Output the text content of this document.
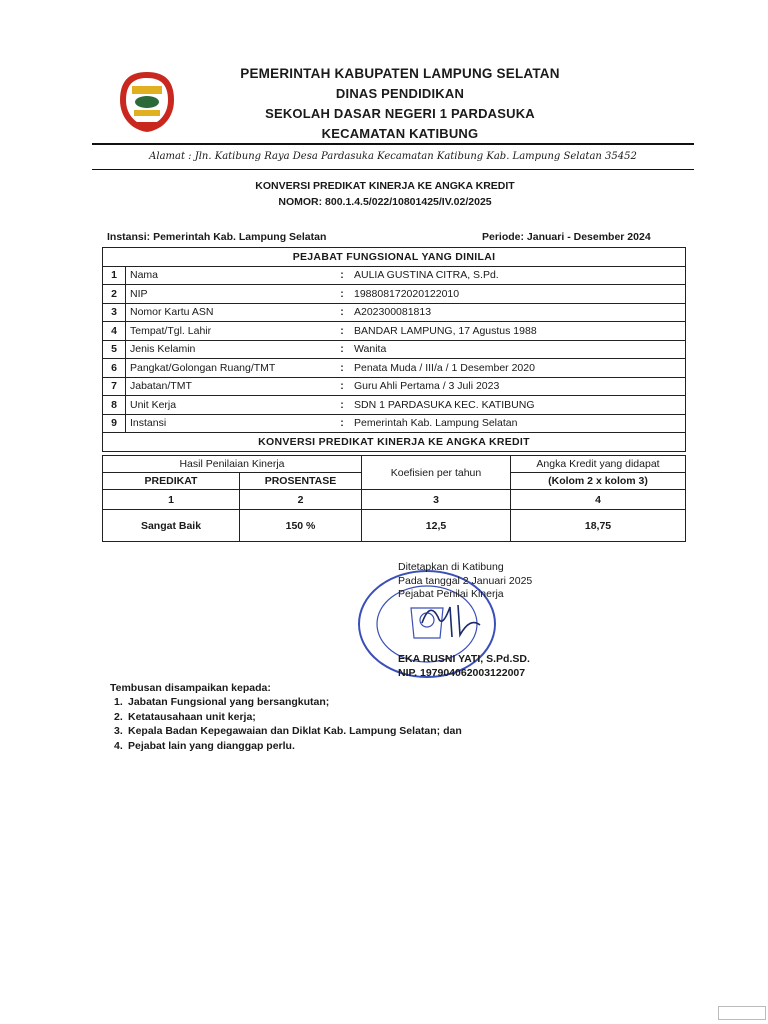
PEMERINTAH KABUPATEN LAMPUNG SELATAN
DINAS PENDIDIKAN
SEKOLAH DASAR NEGERI 1 PARDASUKA
KECAMATAN KATIBUNG
Alamat : Jln. Katibung Raya Desa Pardasuka Kecamatan Katibung Kab. Lampung Selatan 35452
KONVERSI PREDIKAT KINERJA KE ANGKA KREDIT
NOMOR: 800.1.4.5/022/10801425/IV.02/2025
Instansi: Pemerintah Kab. Lampung Selatan	Periode: Januari - Desember 2024
PEJABAT FUNGSIONAL YANG DINILAI			
1	Nama	:	AULIA GUSTINA CITRA, S.Pd.
2	NIP	:	198808172020122010
3	Nomor Kartu ASN	:	A202300081813
4	Tempat/Tgl. Lahir	:	BANDAR LAMPUNG, 17 Agustus 1988
5	Jenis Kelamin	:	Wanita
6	Pangkat/Golongan Ruang/TMT	:	Penata Muda / III/a / 1 Desember 2020
7	Jabatan/TMT	:	Guru Ahli Pertama / 3 Juli 2023
8	Unit Kerja	:	SDN 1 PARDASUKA KEC. KATIBUNG
9	Instansi	:	Pemerintah Kab. Lampung Selatan
KONVERSI PREDIKAT KINERJA KE ANGKA KREDIT			
Hasil Penilaian Kinerja		Koefisien per tahun	Angka Kredit yang didapat
PREDIKAT	PROSENTASE		(Kolom 2 x kolom 3)
1	2	3	4
Sangat Baik	150 %	12,5	18,75
Ditetapkan di Katibung
Pada tanggal 2 Januari 2025
Pejabat Penilai Kinerja
EKA RUSNI YATI, S.Pd.SD.
NIP. 197904062003122007
Tembusan disampaikan kepada:
1. Jabatan Fungsional yang bersangkutan;
2. Ketatausahaan unit kerja;
3. Kepala Badan Kepegawaian dan Diklat Kab. Lampung Selatan; dan
4. Pejabat lain yang dianggap perlu.
